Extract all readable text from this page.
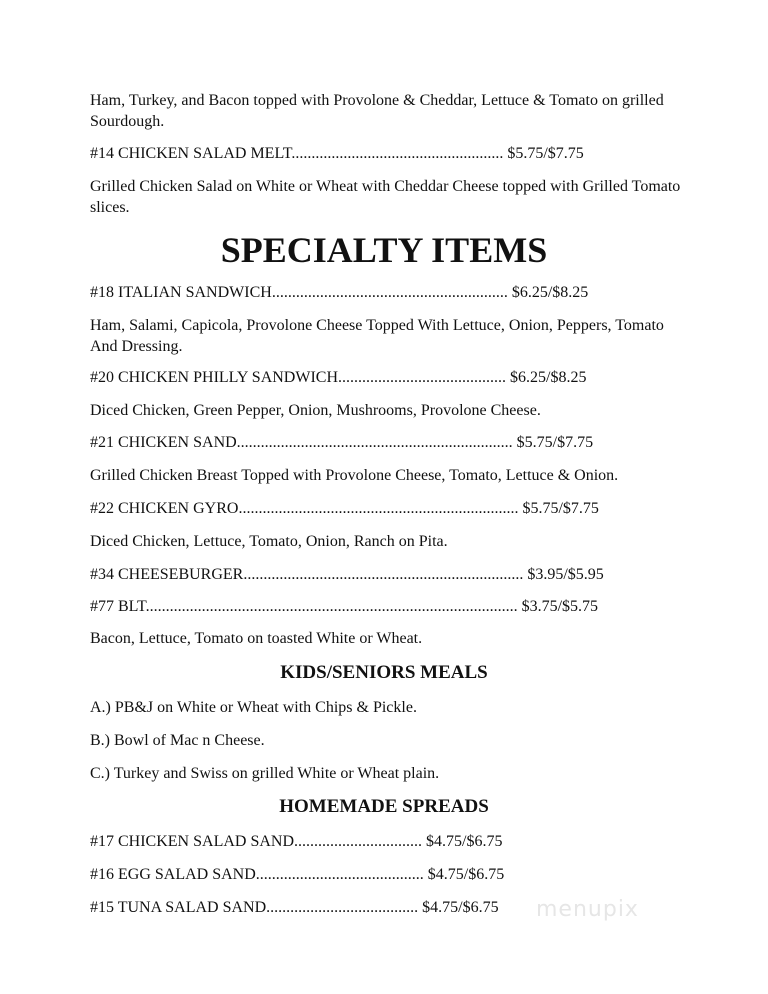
Ham, Turkey, and Bacon topped with Provolone & Cheddar, Lettuce & Tomato on grilled Sourdough.

#14 CHICKEN SALAD MELT..................................................... $5.75/$7.75

Grilled Chicken Salad on White or Wheat with Cheddar Cheese topped with Grilled Tomato slices.

SPECIALTY ITEMS

#18 ITALIAN SANDWICH........................................................... $6.25/$8.25

Ham, Salami, Capicola, Provolone Cheese Topped With Lettuce, Onion, Peppers, Tomato And Dressing.

#20 CHICKEN PHILLY SANDWICH.......................................... $6.25/$8.25

Diced Chicken, Green Pepper, Onion, Mushrooms, Provolone Cheese.

#21 CHICKEN SAND..................................................................... $5.75/$7.75

Grilled Chicken Breast Topped with Provolone Cheese, Tomato, Lettuce & Onion.

#22 CHICKEN GYRO...................................................................... $5.75/$7.75

Diced Chicken, Lettuce, Tomato, Onion, Ranch on Pita.

#34 CHEESEBURGER...................................................................... $3.95/$5.95

#77 BLT............................................................................................. $3.75/$5.75

Bacon, Lettuce, Tomato on toasted White or Wheat.

KIDS/SENIORS MEALS

A.) PB&J on White or Wheat with Chips & Pickle.

B.) Bowl of Mac n Cheese.

C.) Turkey and Swiss on grilled White or Wheat plain.

HOMEMADE SPREADS

#17 CHICKEN SALAD SAND................................ $4.75/$6.75

#16 EGG SALAD SAND.......................................... $4.75/$6.75

#15 TUNA SALAD SAND...................................... $4.75/$6.75 menupix
